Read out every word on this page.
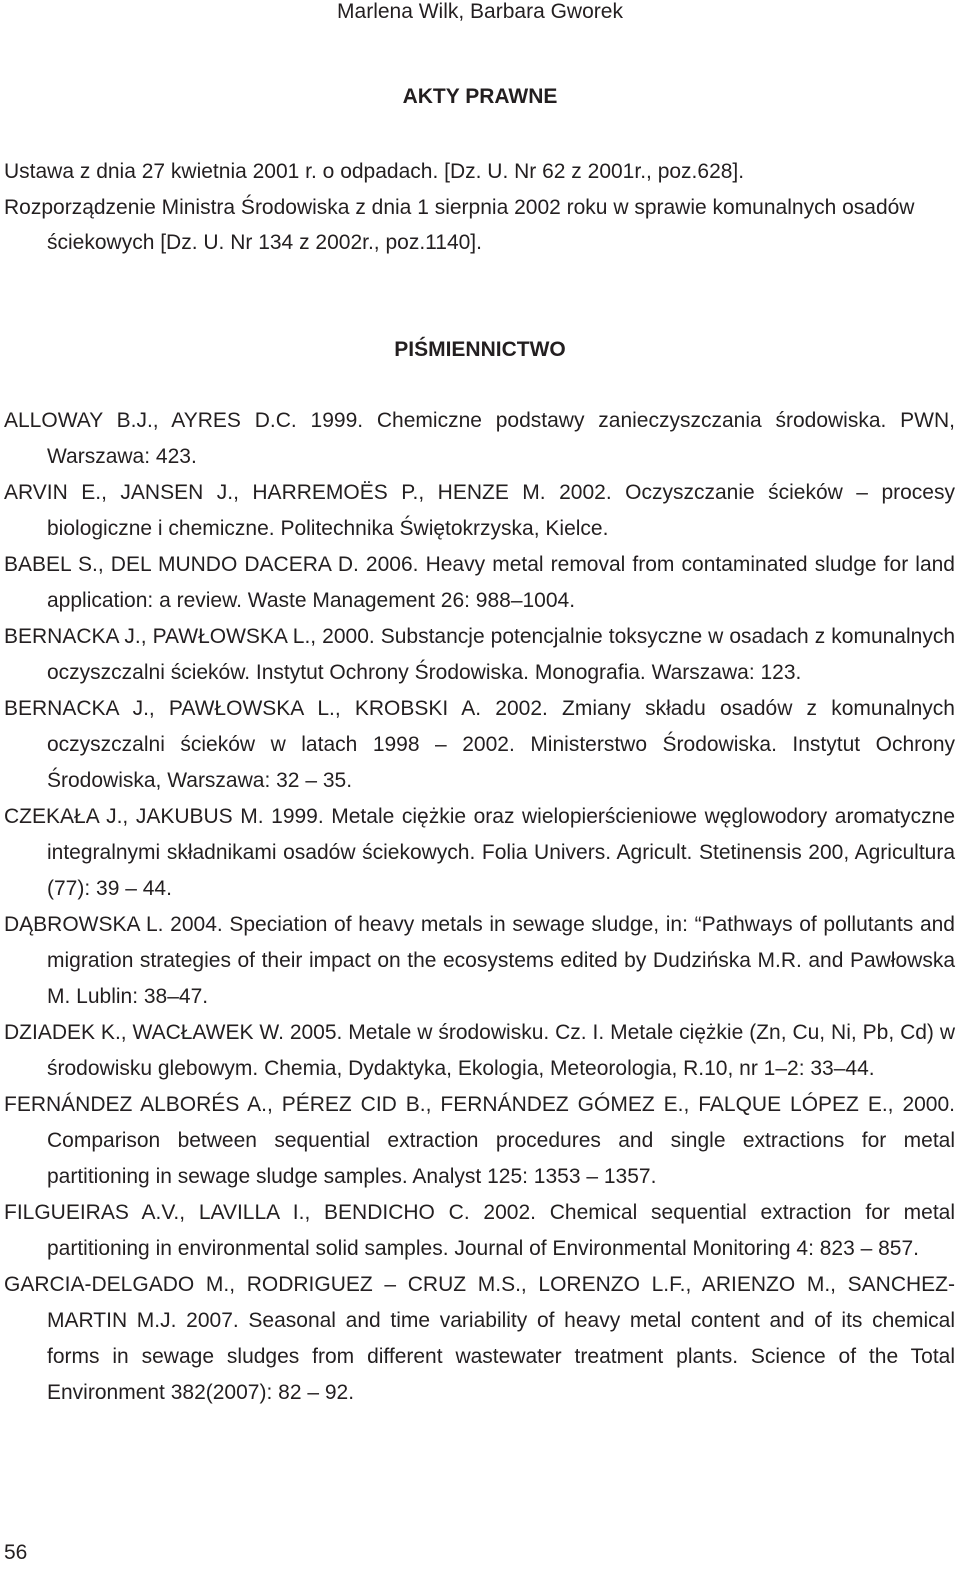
Marlena Wilk, Barbara Gworek
AKTY PRAWNE

Ustawa z dnia 27 kwietnia 2001 r. o odpadach. [Dz. U. Nr 62 z 2001r., poz.628].

Rozporządzenie Ministra Środowiska z dnia 1 sierpnia 2002 roku w sprawie komunalnych osadów ściekowych [Dz. U. Nr 134 z 2002r., poz.1140].

PIŚMIENNICTWO

ALLOWAY B.J., AYRES D.C. 1999. Chemiczne podstawy zanieczyszczania środowiska. PWN, Warszawa: 423.

ARVIN E., JANSEN J., HARREMOËS P., HENZE M. 2002. Oczyszczanie ścieków – procesy biologiczne i chemiczne. Politechnika Świętokrzyska, Kielce.

BABEL S., DEL MUNDO DACERA D. 2006. Heavy metal removal from contaminated sludge for land application: a review. Waste Management 26: 988–1004.

BERNACKA J., PAWŁOWSKA L., 2000. Substancje potencjalnie toksyczne w osadach z komunalnych oczyszczalni ścieków. Instytut Ochrony Środowiska. Monografia. Warszawa: 123.

BERNACKA J., PAWŁOWSKA L., KROBSKI A. 2002. Zmiany składu osadów z komunalnych oczyszczalni ścieków w latach 1998 – 2002. Ministerstwo Środowiska. Instytut Ochrony Środowiska, Warszawa: 32 – 35.

CZEKAŁA J., JAKUBUS M. 1999. Metale ciężkie oraz wielopierścieniowe węglowodory aromatyczne integralnymi składnikami osadów ściekowych. Folia Univers. Agricult. Stetinensis 200, Agricultura (77): 39 – 44.

DĄBROWSKA L. 2004. Speciation of heavy metals in sewage sludge, in: “Pathways of pollutants and migration strategies of their impact on the ecosystems edited by Dudzińska M.R. and Pawłowska M. Lublin: 38–47.

DZIADEK K., WACŁAWEK W. 2005. Metale w środowisku. Cz. I. Metale ciężkie (Zn, Cu, Ni, Pb, Cd) w środowisku glebowym. Chemia, Dydaktyka, Ekologia, Meteorologia, R.10, nr 1–2: 33–44.

FERNÁNDEZ ALBORÉS A., PÉREZ CID B., FERNÁNDEZ GÓMEZ E., FALQUE LÓPEZ E., 2000. Comparison between sequential extraction procedures and single extractions for metal partitioning in sewage sludge samples. Analyst 125: 1353 – 1357.

FILGUEIRAS A.V., LAVILLA I., BENDICHO C. 2002. Chemical sequential extraction for metal partitioning in environmental solid samples. Journal of Environmental Monitoring 4: 823 – 857.

GARCIA-DELGADO M., RODRIGUEZ – CRUZ M.S., LORENZO L.F., ARIENZO M., SANCHEZ-MARTIN M.J. 2007. Seasonal and time variability of heavy metal content and of its chemical forms in sewage sludges from different wastewater treatment plants. Science of the Total Environment 382(2007): 82 – 92.

56
